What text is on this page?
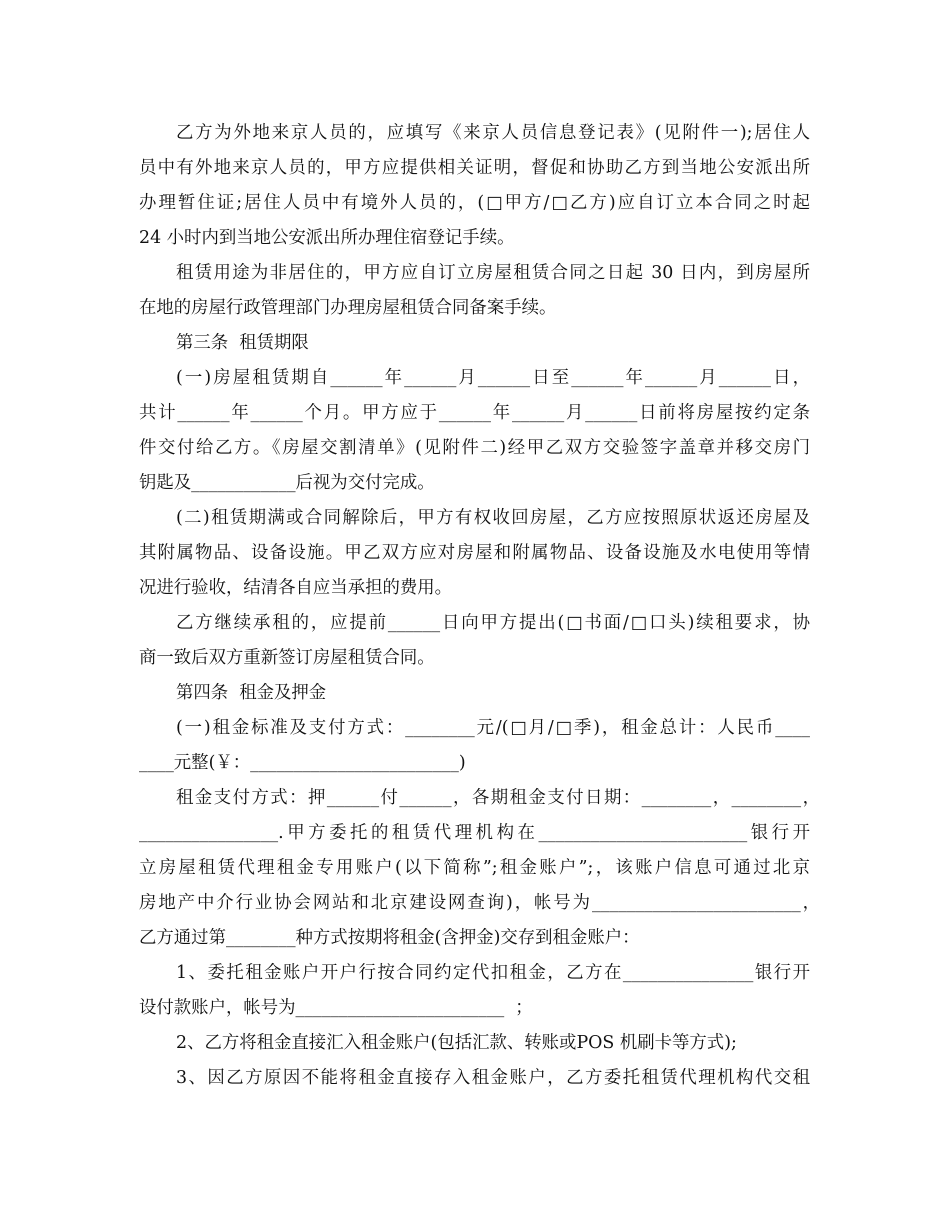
乙方为外地来京人员的，应填写《来京人员信息登记表》(见附件一);居住人
员中有外地来京人员的，甲方应提供相关证明，督促和协助乙方到当地公安派出所
办理暂住证;居住人员中有境外人员的，(□甲方/□乙方)应自订立本合同之时起
24 小时内到当地公安派出所办理住宿登记手续。
租赁用途为非居住的，甲方应自订立房屋租赁合同之日起 30 日内，到房屋所
在地的房屋行政管理部门办理房屋租赁合同备案手续。
第三条  租赁期限
(一)房屋租赁期自______年______月______日至______年______月______日，
共计______年______个月。甲方应于______年______月______日前将房屋按约定条
件交付给乙方。《房屋交割清单》(见附件二)经甲乙双方交验签字盖章并移交房门
钥匙及____________后视为交付完成。
(二)租赁期满或合同解除后，甲方有权收回房屋，乙方应按照原状返还房屋及
其附属物品、设备设施。甲乙双方应对房屋和附属物品、设备设施及水电使用等情
况进行验收，结清各自应当承担的费用。
乙方继续承租的，应提前______日向甲方提出(□书面/□口头)续租要求，协
商一致后双方重新签订房屋租赁合同。
第四条  租金及押金
(一)租金标准及支付方式：________元/(□月/□季)，租金总计：人民币____
____元整(￥：________________________)
租金支付方式：押______付______，各期租金支付日期：________，________，
________________.甲方委托的租赁代理机构在________________________银行开
立房屋租赁代理租金专用账户(以下简称”;租金账户”;，该账户信息可通过北京
房地产中介行业协会网站和北京建设网查询)，帐号为________________________，
乙方通过第________种方式按期将租金(含押金)交存到租金账户：
1、委托租金账户开户行按合同约定代扣租金，乙方在_______________银行开
设付款账户，帐号为________________________  ；
2、乙方将租金直接汇入租金账户(包括汇款、转账或POS 机刷卡等方式);
3、因乙方原因不能将租金直接存入租金账户，乙方委托租赁代理机构代交租
